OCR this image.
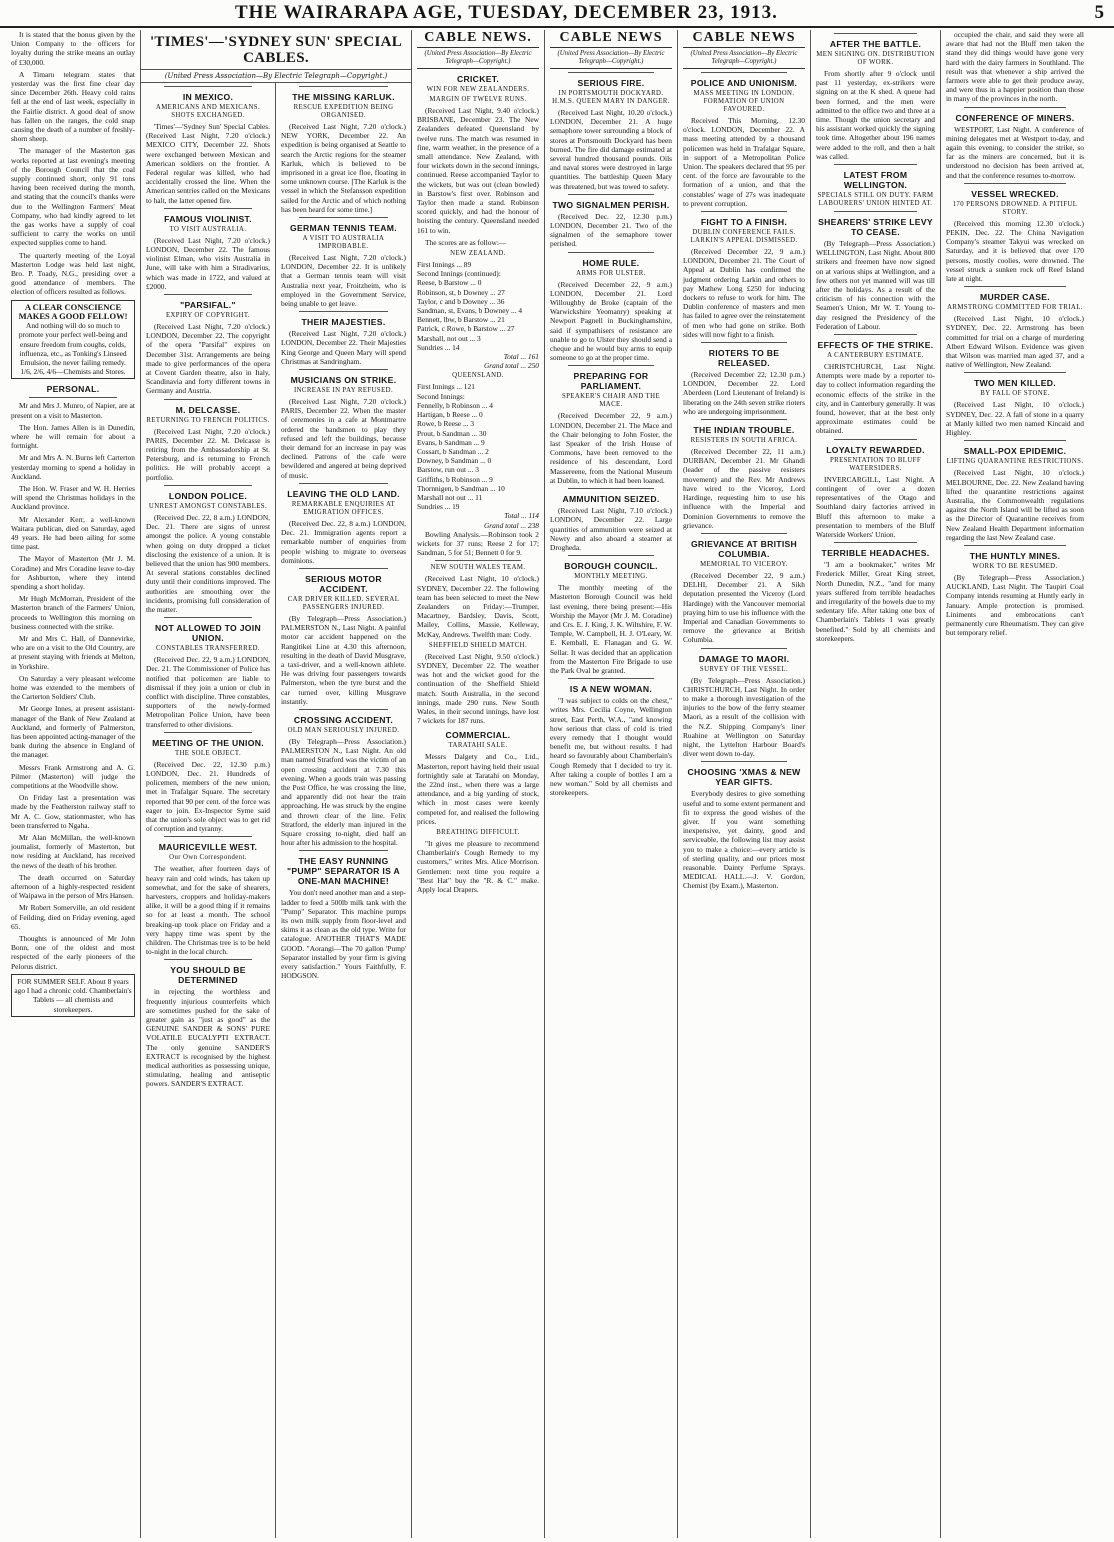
THE WAIRARAPA AGE, TUESDAY, DECEMBER 23, 1913.	5

It is stated that the bonus given by the Union Company to the officers for loyalty during the strike means an outlay of £30,000.

A Timaru telegram states that yesterday was the first fine clear day since December 26th. Heavy cold rains fell at the end of last week, especially in the Fairlie district. A good deal of snow has fallen on the ranges, the cold snap causing the death of a number of freshly-shorn sheep.

The manager of the Masterton gas works reported at last evening's meeting of the Borough Council that the coal supply continued short, only 91 tons having been received during the month, and stating that the council's thanks were due to the Wellington Farmers' Meat Company, who had kindly agreed to let the gas works have a supply of coal sufficient to carry the works on until expected supplies come to hand.

The quarterly meeting of the Loyal Masterton Lodge was held last night, Bro. P. Toady, N.G., presiding over a good attendance of members. The election of officers resulted as follows.

A CLEAR CONSCIENCE MAKES A GOOD FELLOW!
And nothing will do so much to promote your perfect well-being and ensure freedom from coughs, colds, influenza, etc., as Tonking's Linseed Emulsion, the never failing remedy.
1/6, 2/6, 4/6—Chemists and Stores.
PERSONAL.

Mr and Mrs J. Munro, of Napier, are at present on a visit to Masterton.

The Hon. James Allen is in Dunedin, where he will remain for about a fortnight.

Mr and Mrs A. N. Burns left Carterton yesterday morning to spend a holiday in Auckland.

The Hon. W. Fraser and W. H. Herries will spend the Christmas holidays in the Auckland province.

Mr Alexander Kerr, a well-known Waitara publican, died on Saturday, aged 49 years. He had been ailing for some time past.

The Mayor of Masterton (Mr J. M. Coradine) and Mrs Coradine leave to-day for Ashburton, where they intend spending a short holiday.

Mr Hugh McMorran, President of the Masterton branch of the Farmers' Union, proceeds to Wellington this morning on business connected with the strike.

Mr and Mrs C. Hall, of Dannevirke, who are on a visit to the Old Country, are at present staying with friends at Melton, in Yorkshire.

On Saturday a very pleasant welcome home was extended to the members of the Carterton Soldiers' Club.

Mr George Innes, at present assistant-manager of the Bank of New Zealand at Auckland, and formerly of Palmerston, has been appointed acting-manager of the bank during the absence in England of the manager.

Messrs Frank Armstrong and A. G. Pilmer (Masterton) will judge the competitions at the Woodville show.

On Friday last a presentation was made by the Featherston railway staff to Mr A. C. Gow, stationmaster, who has been transferred to Ngaha.

Mr Alan McMillan, the well-known journalist, formerly of Masterton, but now residing at Auckland, has received the news of the death of his brother.

The death occurred on Saturday afternoon of a highly-respected resident of Waipawa in the person of Mrs Hansen.

Mr Robert Somerville, an old resident of Feilding, died on Friday evening, aged 65.

Thoughts is announced of Mr John Bonn, one of the oldest and most respected of the early pioneers of the Pelorus district.

FOR SUMMER SELF. About 8 years ago I had a chronic cold. Chamberlain's Tablets — all chemists and storekeepers.
'TIMES'—'SYDNEY SUN' SPECIAL CABLES.
(United Press Association—By Electric Telegraph—Copyright.)
IN MEXICO.
AMERICANS AND MEXICANS. SHOTS EXCHANGED.

'Times'—'Sydney Sun' Special Cables. (Received Last Night, 7.20 o'clock.) MEXICO CITY, December 22. Shots were exchanged between Mexican and American soldiers on the frontier. A Federal regular was killed, who had accidentally crossed the line. When the American sentries called on the Mexicans to halt, the latter opened fire.

FAMOUS VIOLINIST.
TO VISIT AUSTRALIA.

(Received Last Night, 7.20 o'clock.) LONDON, December 22. The famous violinist Elman, who visits Australia in June, will take with him a Stradivarius, which was made in 1722, and valued at £2000.

"PARSIFAL."
EXPIRY OF COPYRIGHT.

(Received Last Night, 7.20 o'clock.) LONDON, December 22. The copyright of the opera "Parsifal" expires on December 31st. Arrangements are being made to give performances of the opera at Covent Garden theatre, also in Italy, Scandinavia and forty different towns in Germany and Austria.

M. DELCASSE.
RETURNING TO FRENCH POLITICS.

(Received Last Night, 7.20 o'clock.) PARIS, December 22. M. Delcasse is retiring from the Ambassadorship at St. Petersburg, and is returning to French politics. He will probably accept a portfolio.

LONDON POLICE.
UNREST AMONGST CONSTABLES.

(Received Dec. 22, 8 a.m.) LONDON, Dec. 21. There are signs of unrest amongst the police. A young constable when going on duty dropped a ticket disclosing the existence of a union. It is believed that the union has 900 members. At several stations constables declined duty until their conditions improved. The authorities are smoothing over the incidents, promising full consideration of the matter.

NOT ALLOWED TO JOIN UNION.
CONSTABLES TRANSFERRED.

(Received Dec. 22, 9 a.m.) LONDON, Dec. 21. The Commissioner of Police has notified that policemen are liable to dismissal if they join a union or club in conflict with discipline. Three constables, supporters of the newly-formed Metropolitan Police Union, have been transferred to other divisions.

MEETING OF THE UNION.
THE SOLE OBJECT.

(Received Dec. 22, 12.30 p.m.) LONDON, Dec. 21. Hundreds of policemen, members of the new union, met in Trafalgar Square. The secretary reported that 90 per cent. of the force was eager to join. Ex-Inspector Syme said that the union's sole object was to get rid of corruption and tyranny.

MAURICEVILLE WEST.
Our Own Correspondent.

The weather, after fourteen days of heavy rain and cold winds, has taken up somewhat, and for the sake of shearers, harvesters, croppers and holiday-makers alike, it will be a good thing if it remains so for at least a month. The school breaking-up took place on Friday and a very happy time was spent by the children. The Christmas tree is to be held to-night in the local church.

YOU SHOULD BE DETERMINED

in rejecting the worthless and frequently injurious counterfeits which are sometimes pushed for the sake of greater gain as "just as good" as the GENUINE SANDER & SONS' PURE VOLATILE EUCALYPTI EXTRACT. The only genuine SANDER'S EXTRACT is recognised by the highest medical authorities as possessing unique, stimulating, healing and antiseptic powers. SANDER'S EXTRACT.

THE MISSING KARLUK.
RESCUE EXPEDITION BEING ORGANISED.

(Received Last Night, 7.20 o'clock.) NEW YORK, December 22. An expedition is being organised at Seattle to search the Arctic regions for the steamer Karluk, which is believed to be imprisoned in a great ice floe, floating in some unknown course. [The Karluk is the vessel in which the Stefansson expedition sailed for the Arctic and of which nothing has been heard for some time.]

GERMAN TENNIS TEAM.
A VISIT TO AUSTRALIA IMPROBABLE.

(Received Last Night, 7.20 o'clock.) LONDON, December 22. It is unlikely that a German tennis team will visit Australia next year, Froitzheim, who is employed in the Government Service, being unable to get leave.

THEIR MAJESTIES.

(Received Last Night, 7.20 o'clock.) LONDON, December 22. Their Majesties King George and Queen Mary will spend Christmas at Sandringham.

MUSICIANS ON STRIKE.
INCREASE IN PAY REFUSED.

(Received Last Night, 7.20 o'clock.) PARIS, December 22. When the master of ceremonies in a cafe at Montmartre ordered the bandsmen to play they refused and left the buildings, because their demand for an increase in pay was declined. Patrons of the cafe were bewildered and angered at being deprived of music.

LEAVING THE OLD LAND.
REMARKABLE ENQUIRIES AT EMIGRATION OFFICES.

(Received Dec. 22, 8 a.m.) LONDON, Dec. 21. Immigration agents report a remarkable number of enquiries from people wishing to migrate to overseas dominions.

SERIOUS MOTOR ACCIDENT.
CAR DRIVER KILLED. SEVERAL PASSENGERS INJURED.

(By Telegraph—Press Association.) PALMERSTON N., Last Night. A painful motor car accident happened on the Rangitikei Line at 4.30 this afternoon, resulting in the death of David Musgrave, a taxi-driver, and a well-known athlete. He was driving four passengers towards Palmerston, when the tyre burst and the car turned over, killing Musgrave instantly.

CROSSING ACCIDENT.
OLD MAN SERIOUSLY INJURED.

(By Telegraph—Press Association.) PALMERSTON N., Last Night. An old man named Stratford was the victim of an open crossing accident at 7.30 this evening. When a goods train was passing the Post Office, he was crossing the line, and apparently did not hear the train approaching. He was struck by the engine and thrown clear of the line. Felix Stratford, the elderly man injured in the Square crossing to-night, died half an hour after his admission to the hospital.

THE EASY RUNNING "PUMP" SEPARATOR IS A ONE-MAN MACHINE!

You don't need another man and a step-ladder to feed a 500lb milk tank with the "Pump" Separator. This machine pumps its own milk supply from floor-level and skims it as clean as the old type. Write for catalogue. ANOTHER THAT'S MADE GOOD. "Aorangi—The 70 gallon 'Pump' Separator installed by your firm is giving every satisfaction." Yours Faithfully, F. HODGSON.

CABLE NEWS.
(United Press Association—By Electric Telegraph—Copyright.)
CRICKET.
WIN FOR NEW ZEALANDERS.
MARGIN OF TWELVE RUNS.

(Received Last Night, 9.40 o'clock.) BRISBANE, December 23. The New Zealanders defeated Queensland by twelve runs. The match was resumed in fine, warm weather, in the presence of a small attendance. New Zealand, with four wickets down in the second innings, continued. Reese accompanied Taylor to the wickets, but was out (clean bowled) in Barstow's first over. Robinson and Taylor then made a stand. Robinson scored quickly, and had the honour of hoisting the century. Queensland needed 161 to win.

The scores are as follow:—

NEW ZEALAND.
First Innings ... 89
Second Innings (continued):
Reese, b Barstow ... 0
Robinson, st, b Downey ... 27
Taylor, c and b Downey ... 36
Sandman, st, Evans, b Downey ... 4
Bennett, lbw, b Barstow ... 21
Patrick, c Rowe, b Barstow ... 27
Marshall, not out ... 3
Sundries ... 14
Total ... 161
Grand total ... 250
QUEENSLAND.
First Innings ... 121
Second Innings:
Fennelly, b Robinson ... 4
Hartigan, b Reese ... 0
Rowe, b Reese ... 3
Prout, b Sandman ... 30
Evans, b Sandman ... 9
Cossart, b Sandman ... 2
Downey, b Sandman ... 0
Barstow, run out ... 3
Griffiths, b Robinson ... 9
Thornnigen, b Sandman ... 10
Marshall not out ... 11
Sundries ... 19
Total ... 114
Grand total ... 238

Bowling Analysis.—Robinson took 2 wickets for 37 runs; Reese 2 for 17; Sandman, 5 for 51; Bennett 0 for 9.

NEW SOUTH WALES TEAM.

(Received Last Night, 10 o'clock.) SYDNEY, December 22. The following team has been selected to meet the New Zealanders on Friday:—Trumper, Macartney, Bardsley, Davis, Scott, Mailey, Collins, Massie, Kelleway, McKay, Andrews. Twelfth man: Cody.

SHEFFIELD SHIELD MATCH.

(Received Last Night, 9.50 o'clock.) SYDNEY, December 22. The weather was hot and the wicket good for the continuation of the Sheffield Shield match. South Australia, in the second innings, made 290 runs. New South Wales, in their second innings, have lost 7 wickets for 187 runs.

COMMERCIAL.
TARATAHI SALE.

Messrs Dalgety and Co., Ltd., Masterton, report having held their usual fortnightly sale at Taratahi on Monday, the 22nd inst., when there was a large attendance, and a big yarding of stock, which in most cases were keenly competed for, and realised the following prices.

BREATHING DIFFICULT.

"It gives me pleasure to recommend Chamberlain's Cough Remedy to my customers," writes Mrs. Alice Morrison. Gentlemen: next time you require a "Best Hat" buy the "R. & C." make. Apply local Drapers.

CABLE NEWS
(United Press Association—By Electric Telegraph—Copyright.)
SERIOUS FIRE.
IN PORTSMOUTH DOCKYARD. H.M.S. QUEEN MARY IN DANGER.

(Received Last Night, 10.20 o'clock.) LONDON, December 21. A huge semaphore tower surrounding a block of stores at Portsmouth Dockyard has been burned. The fire did damage estimated at several hundred thousand pounds. Oils and naval stores were destroyed in large quantities. The battleship Queen Mary was threatened, but was towed to safety.

TWO SIGNALMEN PERISH.

(Received Dec. 22, 12.30 p.m.) LONDON, December 21. Two of the signalmen of the semaphore tower perished.

HOME RULE.
ARMS FOR ULSTER.

(Received December 22, 9 a.m.) LONDON, December 21. Lord Willoughby de Broke (captain of the Warwickshire Yeomanry) speaking at Newport Pagnell in Buckinghamshire, said if sympathisers of resistance are unable to go to Ulster they should send a cheque and he would buy arms to equip someone to go at the proper time.

PREPARING FOR PARLIAMENT.
SPEAKER'S CHAIR AND THE MACE.

(Received December 22, 9 a.m.) LONDON, December 21. The Mace and the Chair belonging to John Foster, the last Speaker of the Irish House of Commons, have been removed to the residence of his descendant, Lord Massereene, from the National Museum at Dublin, to which it had been loaned.

AMMUNITION SEIZED.

(Received Last Night, 7.10 o'clock.) LONDON, December 22. Large quantities of ammunition were seized at Newry and also aboard a steamer at Drogheda.

BOROUGH COUNCIL.
MONTHLY MEETING.

The monthly meeting of the Masterton Borough Council was held last evening, there being present:—His Worship the Mayor (Mr J. M. Coradine) and Crs. E. J. King, J. K. Wiltshire, F. W. Temple, W. Campbell, H. J. O'Leary, W. E. Kemball, E. Flanagan and G. W. Sellar. It was decided that an application from the Masterton Fire Brigade to use the Park Oval be granted.

IS A NEW WOMAN.

"I was subject to colds on the chest," writes Mrs. Cecilia Coyne, Wellington street, East Perth, W.A., "and knowing how serious that class of cold is tried every remedy that I thought would benefit me, but without results. I had heard so favourably about Chamberlain's Cough Remedy that I decided to try it. After taking a couple of bottles I am a new woman." Sold by all chemists and storekeepers.

CABLE NEWS
(United Press Association—By Electric Telegraph—Copyright.)
POLICE AND UNIONISM.
MASS MEETING IN LONDON. FORMATION OF UNION FAVOURED.

Received This Morning, 12.30 o'clock. LONDON, December 22. A mass meeting attended by a thousand policemen was held in Trafalgar Square, in support of a Metropolitan Police Union. The speakers declared that 95 per cent. of the force are favourable to the formation of a union, and that the constables' wage of 27s was inadequate to prevent corruption.

FIGHT TO A FINISH.
DUBLIN CONFERENCE FAILS. LARKIN'S APPEAL DISMISSED.

(Received December 22, 9 a.m.) LONDON, December 21. The Court of Appeal at Dublin has confirmed the judgment ordering Larkin and others to pay Mathew Long £250 for inducing dockers to refuse to work for him. The Dublin conference of masters and men has failed to agree over the reinstatement of men who had gone on strike. Both sides will now fight to a finish.

RIOTERS TO BE RELEASED.

(Received December 22, 12.30 p.m.) LONDON, December 22. Lord Aberdeen (Lord Lieutenant of Ireland) is liberating on the 24th seven strike rioters who are undergoing imprisonment.

THE INDIAN TROUBLE.
RESISTERS IN SOUTH AFRICA.

(Received December 22, 11 a.m.) DURBAN, December 21. Mr Ghandi (leader of the passive resisters movement) and the Rev. Mr Andrews have wired to the Viceroy, Lord Hardinge, requesting him to use his influence with the Imperial and Dominion Governments to remove the grievance.

GRIEVANCE AT BRITISH COLUMBIA.
MEMORIAL TO VICEROY.

(Received December 22, 9 a.m.) DELHI, December 21. A Sikh deputation presented the Viceroy (Lord Hardinge) with the Vancouver memorial praying him to use his influence with the Imperial and Canadian Governments to remove the grievance at British Columbia.

DAMAGE TO MAORI.
SURVEY OF THE VESSEL.

(By Telegraph—Press Association.) CHRISTCHURCH, Last Night. In order to make a thorough investigation of the injuries to the bow of the ferry steamer Maori, as a result of the collision with the N.Z. Shipping Company's liner Ruahine at Wellington on Saturday night, the Lyttelton Harbour Board's diver went down to-day.

CHOOSING 'XMAS & NEW YEAR GIFTS.

Everybody desires to give something useful and to some extent permanent and fit to express the good wishes of the giver. If you want something inexpensive, yet dainty, good and serviceable, the following list may assist you to make a choice:—every article is of sterling quality, and our prices most reasonable. Dainty Perfume Sprays. MEDICAL HALL.—J. V. Gordon, Chemist (by Exam.), Masterton.

AFTER THE BATTLE.
MEN SIGNING ON. DISTRIBUTION OF WORK.

From shortly after 9 o'clock until past 11 yesterday, ex-strikers were signing on at the K shed. A queue had been formed, and the men were admitted to the office two and three at a time. Though the union secretary and his assistant worked quickly the signing took time. Altogether about 196 names were added to the roll, and then a halt was called.

LATEST FROM WELLINGTON.
SPECIALS STILL ON DUTY. FARM LABOURERS' UNION HINTED AT.
SHEARERS' STRIKE LEVY TO CEASE.

(By Telegraph—Press Association.) WELLINGTON, Last Night. About 800 strikers and freemen have now signed on at various ships at Wellington, and a few others not yet manned will was till after the holidays. As a result of the criticism of his connection with the Seamen's Union, Mr W. T. Young to-day resigned the Presidency of the Federation of Labour.

EFFECTS OF THE STRIKE.
A CANTERBURY ESTIMATE.

CHRISTCHURCH, Last Night. Attempts were made by a reporter to-day to collect information regarding the economic effects of the strike in the city, and in Canterbury generally. It was found, however, that at the best only approximate estimates could be obtained.

LOYALTY REWARDED.
PRESENTATION TO BLUFF WATERSIDERS.

INVERCARGILL, Last Night. A contingent of over a dozen representatives of the Otago and Southland dairy factories arrived in Bluff this afternoon to make a presentation to members of the Bluff Waterside Workers' Union.

TERRIBLE HEADACHES.

"I am a bookmaker," writes Mr Frederick Miller, Great King street, North Dunedin, N.Z., "and for many years suffered from terrible headaches and irregularity of the bowels due to my sedentary life. After taking one box of Chamberlain's Tablets I was greatly benefited." Sold by all chemists and storekeepers.

occupied the chair, and said they were all aware that had not the Bluff men taken the stand they did things would have gone very hard with the dairy farmers in Southland. The result was that whenever a ship arrived the farmers were able to get their produce away, and were thus in a happier position than those in many of the provinces in the north.

CONFERENCE OF MINERS.

WESTPORT, Last Night. A conference of mining delegates met at Westport to-day, and again this evening, to consider the strike, so far as the miners are concerned, but it is understood no decision has been arrived at, and that the conference resumes to-morrow.

VESSEL WRECKED.
170 PERSONS DROWNED. A PITIFUL STORY.

(Received this morning 12.30 o'clock.) PEKIN, Dec. 22. The China Navigation Company's steamer Takyui was wrecked on Saturday, and it is believed that over 170 persons, mostly coolies, were drowned. The vessel struck a sunken rock off Reef Island late at night.

MURDER CASE.
ARMSTRONG COMMITTED FOR TRIAL.

(Received Last Night, 10 o'clock.) SYDNEY, Dec. 22. Armstrong has been committed for trial on a charge of murdering Albert Edward Wilson. Evidence was given that Wilson was married man aged 37, and a native of Wellington, New Zealand.

TWO MEN KILLED.
BY FALL OF STONE.

(Received Last Night, 10 o'clock.) SYDNEY, Dec. 22. A fall of stone in a quarry at Manly killed two men named Kincaid and Highley.

SMALL-POX EPIDEMIC.
LIFTING QUARANTINE RESTRICTIONS.

(Received Last Night, 10 o'clock.) MELBOURNE, Dec. 22. New Zealand having lifted the quarantine restrictions against Australia, the Commonwealth regulations against the North Island will be lifted as soon as the Director of Quarantine receives from New Zealand Health Department information regarding the last New Zealand case.

THE HUNTLY MINES.
WORK TO BE RESUMED.

(By Telegraph—Press Association.) AUCKLAND, Last Night. The Taupiri Coal Company intends resuming at Huntly early in January. Ample protection is promised. Liniments and embrocations can't permanently cure Rheumatism. They can give but temporary relief.
